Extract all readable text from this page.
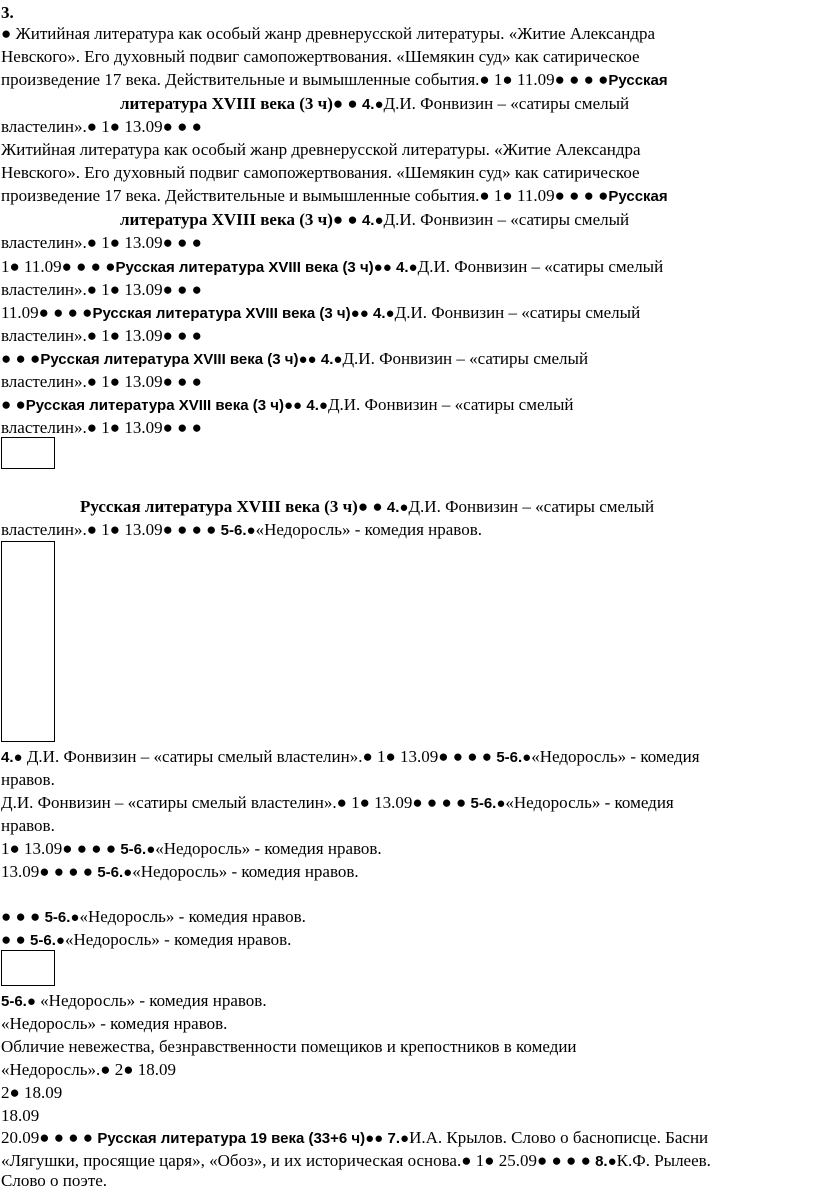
3.
● Житийная литература как особый жанр древнерусской литературы. «Житие Александра
Невского». Его духовный подвиг самопожертвования. «Шемякин суд» как сатирическое
произведение 17 века. Действительные и вымышленные события.● 1● 11.09● ● ● ●Русская
литература XVIII века (3 ч)● ● 4.●Д.И. Фонвизин – «сатиры смелый
властелин».● 1● 13.09● ● ●
Житийная литература как особый жанр древнерусской литературы. «Житие Александра
Невского». Его духовный подвиг самопожертвования. «Шемякин суд» как сатирическое
произведение 17 века. Действительные и вымышленные события.● 1● 11.09● ● ● ●Русская
литература XVIII века (3 ч)● ● 4.●Д.И. Фонвизин – «сатиры смелый
властелин».● 1● 13.09● ● ●
1● 11.09● ● ● ●Русская литература XVIII века (3 ч)●● 4.●Д.И. Фонвизин – «сатиры смелый
властелин».● 1● 13.09● ● ●
11.09● ● ● ●Русская литература XVIII века (3 ч)●● 4.●Д.И. Фонвизин – «сатиры смелый
властелин».● 1● 13.09● ● ●
● ● ●Русская литература XVIII века (3 ч)●● 4.●Д.И. Фонвизин – «сатиры смелый
властелин».● 1● 13.09● ● ●
● ●Русская литература XVIII века (3 ч)●● 4.●Д.И. Фонвизин – «сатиры смелый
властелин».● 1● 13.09● ● ●
Русская литература XVIII века (3 ч)● ● 4.●Д.И. Фонвизин – «сатиры смелый
властелин».● 1● 13.09● ● ● ● 5-6.●«Недоросль» - комедия нравов.
4.● Д.И. Фонвизин – «сатиры смелый властелин».● 1● 13.09● ● ● ● 5-6.●«Недоросль» - комедия
нравов.
Д.И. Фонвизин – «сатиры смелый властелин».● 1● 13.09● ● ● ● 5-6.●«Недоросль» - комедия
нравов.
1● 13.09● ● ● ● 5-6.●«Недоросль» - комедия нравов.
13.09● ● ● ● 5-6.●«Недоросль» - комедия нравов.
● ● ● 5-6.●«Недоросль» - комедия нравов.
● ● 5-6.●«Недоросль» - комедия нравов.
5-6.● «Недоросль» - комедия нравов.
«Недоросль» - комедия нравов.
Обличие невежества, безнравственности помещиков и крепостников в комедии
«Недоросль».● 2● 18.09
2● 18.09
18.09
20.09● ● ● ● Русская литература 19 века (33+6 ч)●● 7.●И.А. Крылов. Слово о баснописце. Басни
«Лягушки, просящие царя», «Обоз», и их историческая основа.● 1● 25.09● ● ● ● 8.●К.Ф. Рылеев.
Слово о поэте.
